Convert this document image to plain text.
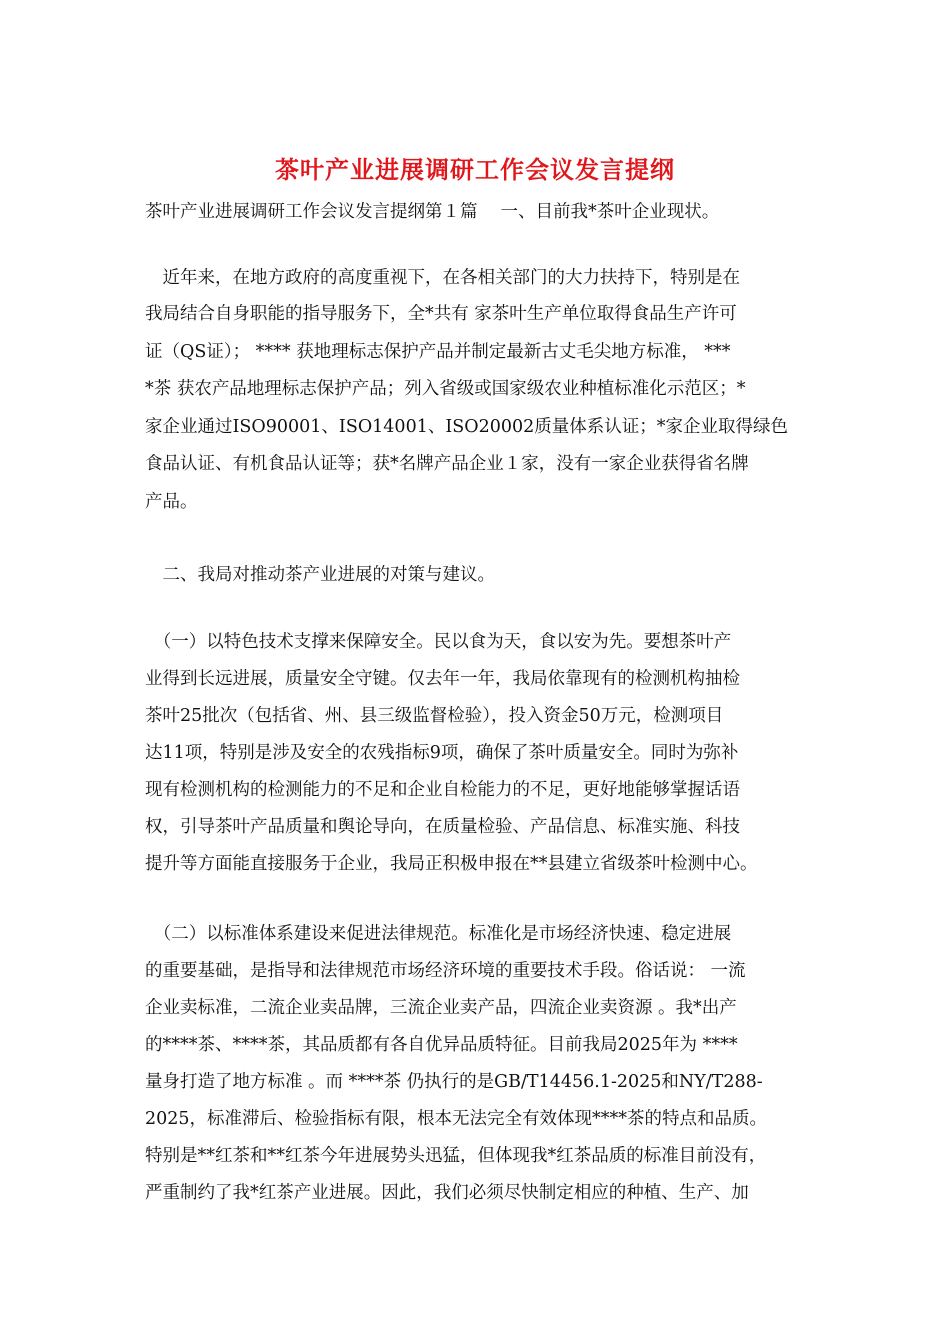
茶叶产业进展调研工作会议发言提纲

茶叶产业进展调研工作会议发言提纲第１篇　 一、目前我*茶叶企业现状。

　近年来，在地方政府的高度重视下，在各相关部门的大力扶持下，特别是在

我局结合自身职能的指导服务下，全*共有 家茶叶生产单位取得食品生产许可

证（QS证）； **** 获地理标志保护产品并制定最新古丈毛尖地方标准， ***

*茶 获农产品地理标志保护产品；列入省级或国家级农业种植标准化示范区；*

家企业通过ISO90001、ISO14001、ISO20002质量体系认证；*家企业取得绿色

食品认证、有机食品认证等；获*名牌产品企业１家，没有一家企业获得省名牌

产品。

　二、我局对推动茶产业进展的对策与建议。

　（一）以特色技术支撑来保障安全。民以食为天，食以安为先。要想茶叶产

业得到长远进展，质量安全守键。仅去年一年，我局依靠现有的检测机构抽检

茶叶25批次（包括省、州、县三级监督检验），投入资金50万元，检测项目

达11项，特别是涉及安全的农残指标9项，确保了茶叶质量安全。同时为弥补

现有检测机构的检测能力的不足和企业自检能力的不足，更好地能够掌握话语

权，引导茶叶产品质量和舆论导向，在质量检验、产品信息、标准实施、科技

提升等方面能直接服务于企业，我局正积极申报在**县建立省级茶叶检测中心。

　（二）以标准体系建设来促进法律规范。标准化是市场经济快速、稳定进展

的重要基础，是指导和法律规范市场经济环境的重要技术手段。俗话说： 一流

企业卖标准，二流企业卖品牌，三流企业卖产品，四流企业卖资源 。我*出产

的****茶、****茶，其品质都有各自优异品质特征。目前我局2025年为 ****

量身打造了地方标准 。而 ****茶 仍执行的是GB/T14456.1-2025和NY/T288-

2025，标准滞后、检验指标有限，根本无法完全有效体现****茶的特点和品质。

特别是**红茶和**红茶今年进展势头迅猛，但体现我*红茶品质的标准目前没有，

严重制约了我*红茶产业进展。因此，我们必须尽快制定相应的种植、生产、加
